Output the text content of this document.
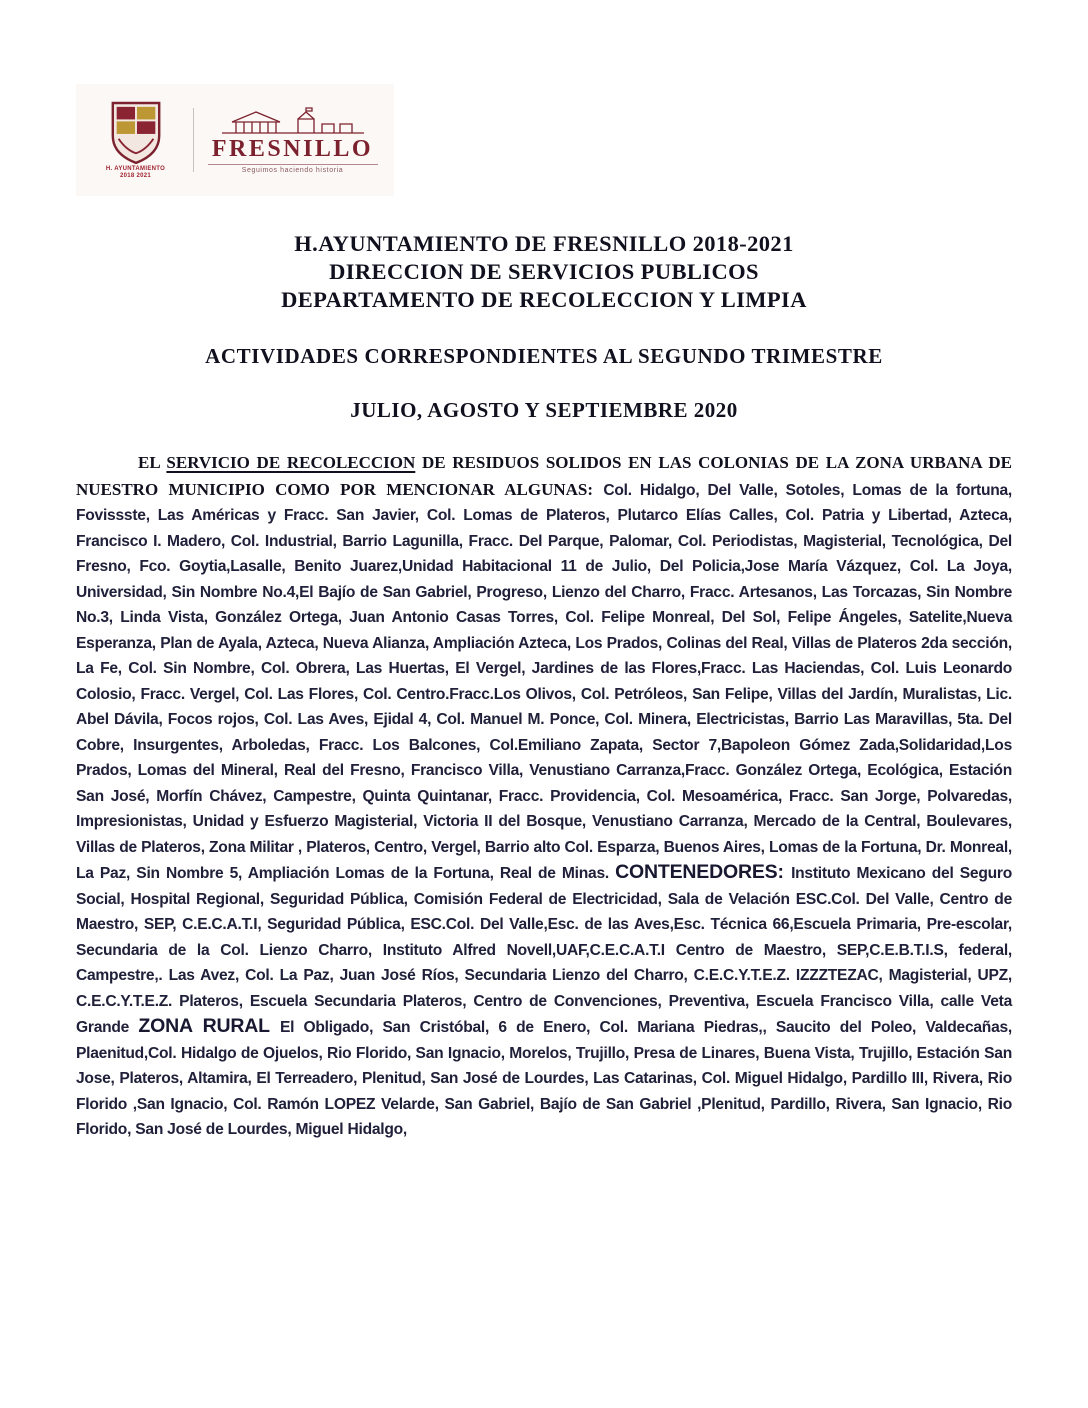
H. AYUNTAMIENTO
2018 2021
FRESNILLO
Seguimos haciendo historia
H.AYUNTAMIENTO DE FRESNILLO 2018-2021
DIRECCION DE SERVICIOS PUBLICOS
DEPARTAMENTO DE RECOLECCION Y LIMPIA
ACTIVIDADES CORRESPONDIENTES AL SEGUNDO TRIMESTRE
JULIO, AGOSTO Y SEPTIEMBRE 2020

EL SERVICIO DE RECOLECCION DE RESIDUOS SOLIDOS EN LAS COLONIAS DE LA ZONA URBANA DE NUESTRO MUNICIPIO COMO POR MENCIONAR ALGUNAS: Col. Hidalgo, Del Valle, Sotoles, Lomas de la fortuna, Fovissste, Las Américas y Fracc. San Javier, Col. Lomas de Plateros, Plutarco Elías Calles, Col. Patria y Libertad, Azteca, Francisco I. Madero, Col. Industrial, Barrio Lagunilla, Fracc. Del Parque, Palomar, Col. Periodistas, Magisterial, Tecnológica, Del Fresno, Fco. Goytia,Lasalle, Benito Juarez,Unidad Habitacional 11 de Julio, Del Policia,Jose María Vázquez, Col. La Joya, Universidad, Sin Nombre No.4,El Bajío de San Gabriel, Progreso, Lienzo del Charro, Fracc. Artesanos, Las Torcazas, Sin Nombre No.3, Linda Vista, González Ortega, Juan Antonio Casas Torres, Col. Felipe Monreal, Del Sol, Felipe Ángeles, Satelite,Nueva Esperanza, Plan de Ayala, Azteca, Nueva Alianza, Ampliación Azteca, Los Prados, Colinas del Real, Villas de Plateros 2da sección, La Fe, Col. Sin Nombre, Col. Obrera, Las Huertas, El Vergel, Jardines de las Flores,Fracc. Las Haciendas, Col. Luis Leonardo Colosio, Fracc. Vergel, Col. Las Flores, Col. Centro.Fracc.Los Olivos, Col. Petróleos, San Felipe, Villas del Jardín, Muralistas, Lic. Abel Dávila, Focos rojos, Col. Las Aves, Ejidal 4, Col. Manuel M. Ponce, Col. Minera, Electricistas, Barrio Las Maravillas, 5ta. Del Cobre, Insurgentes, Arboledas, Fracc. Los Balcones, Col.Emiliano Zapata, Sector 7,Bapoleon Gómez Zada,Solidaridad,Los Prados, Lomas del Mineral, Real del Fresno, Francisco Villa, Venustiano Carranza,Fracc. González Ortega, Ecológica, Estación San José, Morfín Chávez, Campestre, Quinta Quintanar, Fracc. Providencia, Col. Mesoamérica, Fracc. San Jorge, Polvaredas, Impresionistas, Unidad y Esfuerzo Magisterial, Victoria II del Bosque, Venustiano Carranza, Mercado de la Central, Boulevares, Villas de Plateros, Zona Militar , Plateros, Centro, Vergel, Barrio alto Col. Esparza, Buenos Aires, Lomas de la Fortuna, Dr. Monreal, La Paz, Sin Nombre 5, Ampliación Lomas de la Fortuna, Real de Minas. CONTENEDORES: Instituto Mexicano del Seguro Social, Hospital Regional, Seguridad Pública, Comisión Federal de Electricidad, Sala de Velación ESC.Col. Del Valle, Centro de Maestro, SEP, C.E.C.A.T.I, Seguridad Pública, ESC.Col. Del Valle,Esc. de las Aves,Esc. Técnica 66,Escuela Primaria, Pre-escolar, Secundaria de la Col. Lienzo Charro, Instituto Alfred Novell,UAF,C.E.C.A.T.I Centro de Maestro, SEP,C.E.B.T.I.S, federal, Campestre,. Las Avez, Col. La Paz, Juan José Ríos, Secundaria Lienzo del Charro, C.E.C.Y.T.E.Z. IZZZTEZAC, Magisterial, UPZ, C.E.C.Y.T.E.Z. Plateros, Escuela Secundaria Plateros, Centro de Convenciones, Preventiva, Escuela Francisco Villa, calle Veta Grande ZONA RURAL El Obligado, San Cristóbal, 6 de Enero, Col. Mariana Piedras,, Saucito del Poleo, Valdecañas, Plaenitud,Col. Hidalgo de Ojuelos, Rio Florido, San Ignacio, Morelos, Trujillo, Presa de Linares, Buena Vista, Trujillo, Estación San Jose, Plateros, Altamira, El Terreadero, Plenitud, San José de Lourdes, Las Catarinas, Col. Miguel Hidalgo, Pardillo III, Rivera, Rio Florido ,San Ignacio, Col. Ramón LOPEZ Velarde, San Gabriel, Bajío de San Gabriel ,Plenitud, Pardillo, Rivera, San Ignacio, Rio Florido, San José de Lourdes, Miguel Hidalgo,
